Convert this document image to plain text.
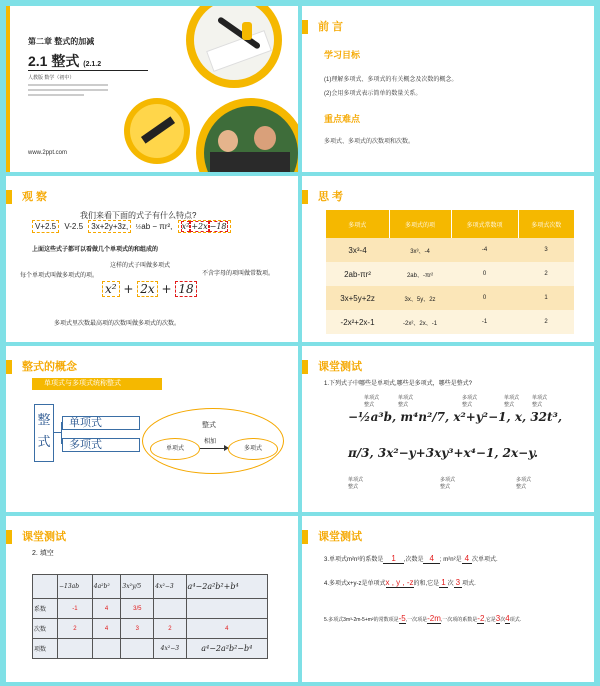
第二章 整式的加减
2.1 整式 (2.1.2
人教版 数学（初中）
www.2ppt.com
前 言
学习目标
(1)理解多项式、多项式的有关概念及次数的概念。
(2)会用多项式表示简单的数量关系。
重点难点
多项式、多项式的次数项和次数。
观 察
我们来看下面的式子有什么特点?
V+2.5 V-2.5 3x+2y+3z, ½ab − πr², x² +2x −18
上面这些式子都可以看做几个单项式的和组成的
这样的式子叫做多项式
每个单项式叫做多项式的项。	不含字母的项叫做常数项。
x² + 2x + 18
多项式里次数最高项的次数叫做多项式的次数。
思 考
多项式	多项式的项	多项式常数项	多项式次数
3x³-4	3x³、-4	-4	3
2ab-πr²	2ab、-πr²	0	2
3x+5y+2z	3x、5y、2z	0	1
-2x²+2x-1	-2x²、2x、-1	-1	2
整式的概念
单项式与多项式统称整式
整
式
单项式
多项式
整式
单项式
相加
多项式
课堂测试
1.下列式子中哪些是单项式,哪些是多项式，哪些是整式?
单项式
整式
单项式
整式
多项式
整式
单项式
整式
单项式
整式
−½a³b, m⁴n²/7, x²+y²−1, x, 32t³,
π/3, 3x²−y+3xy³+x⁴−1, 2x−y.
单项式
整式
多项式
整式
多项式
整式
课堂测试
2. 填空
	−13ab	4a²b²	3x²y/5	4x²−3	a⁴−2a²b²+b⁴
系数	-1	4	3/5		
次数	2	4	3	2	4
项数				4x²−3	a⁴−2a²b²−b⁴
课堂测试
3.单项式m²n³的系数是 1 ,次数是 4 ; m²n²是 4 次单项式.
4.多项式x+y-z是单项式x , y , -z的和,它是 1 次 3 项式.
5.多项式3m³-2m-5+m²的常数项是-5,一次项是-2m,一次项的系数是-2,它是3次4项式.
